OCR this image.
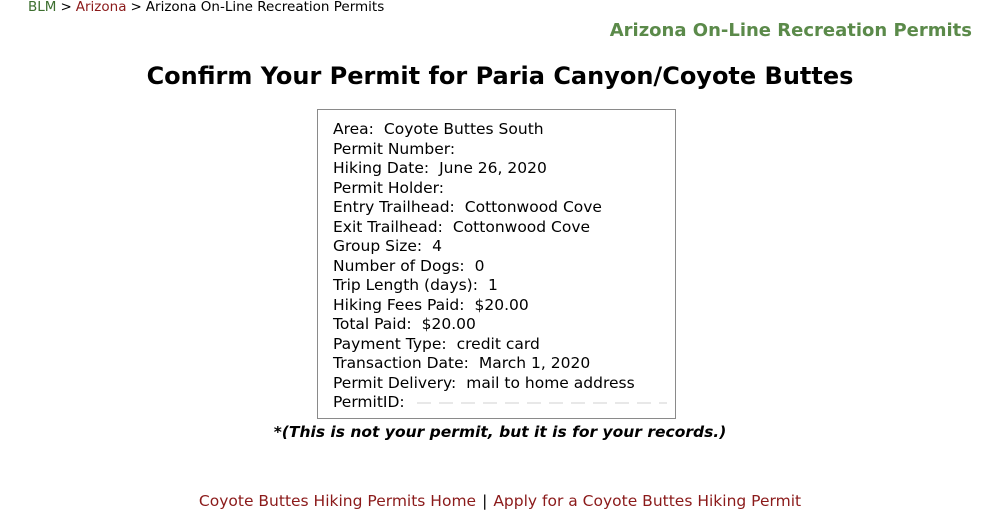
BLM > Arizona > Arizona On-Line Recreation Permits
Arizona On-Line Recreation Permits
Confirm Your Permit for Paria Canyon/Coyote Buttes
Area: Coyote Buttes South
Permit Number:
Hiking Date: June 26, 2020
Permit Holder:
Entry Trailhead: Cottonwood Cove
Exit Trailhead: Cottonwood Cove
Group Size: 4
Number of Dogs: 0
Trip Length (days): 1
Hiking Fees Paid: $20.00
Total Paid: $20.00
Payment Type: credit card
Transaction Date: March 1, 2020
Permit Delivery: mail to home address
PermitID:
*(This is not your permit, but it is for your records.)
Coyote Buttes Hiking Permits Home | Apply for a Coyote Buttes Hiking Permit
